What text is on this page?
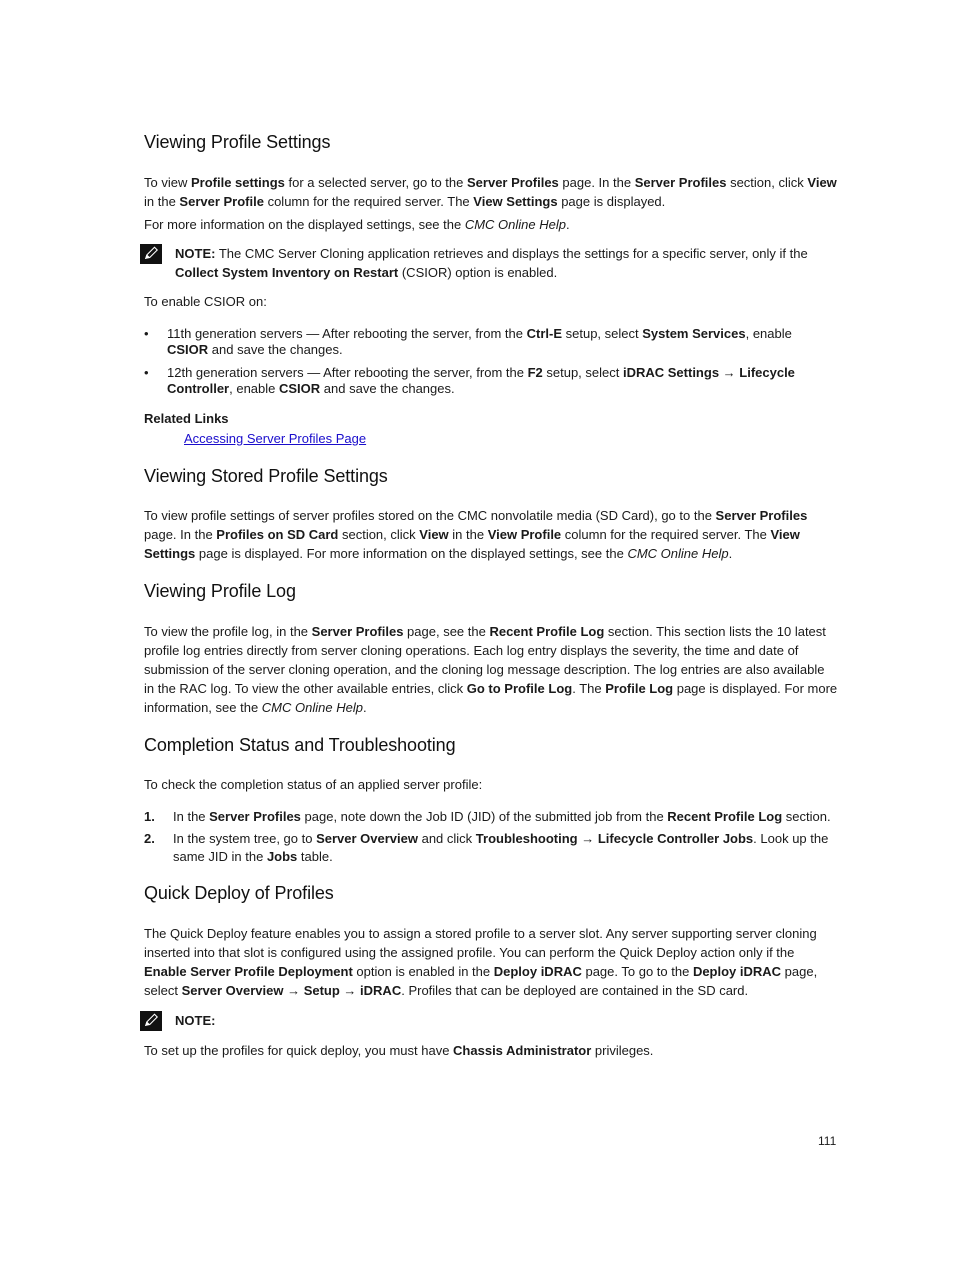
Viewing Profile Settings

To view Profile settings for a selected server, go to the Server Profiles page. In the Server Profiles section, click View in the Server Profile column for the required server. The View Settings page is displayed.

For more information on the displayed settings, see the CMC Online Help.

NOTE: The CMC Server Cloning application retrieves and displays the settings for a specific server, only if the Collect System Inventory on Restart (CSIOR) option is enabled.

To enable CSIOR on:

• 11th generation servers — After rebooting the server, from the Ctrl-E setup, select System Services, enable CSIOR and save the changes.
• 12th generation servers — After rebooting the server, from the F2 setup, select iDRAC Settings → Lifecycle Controller, enable CSIOR and save the changes.
Related Links
Accessing Server Profiles Page
Viewing Stored Profile Settings

To view profile settings of server profiles stored on the CMC nonvolatile media (SD Card), go to the Server Profiles page. In the Profiles on SD Card section, click View in the View Profile column for the required server. The View Settings page is displayed. For more information on the displayed settings, see the CMC Online Help.

Viewing Profile Log

To view the profile log, in the Server Profiles page, see the Recent Profile Log section. This section lists the 10 latest profile log entries directly from server cloning operations. Each log entry displays the severity, the time and date of submission of the server cloning operation, and the cloning log message description. The log entries are also available in the RAC log. To view the other available entries, click Go to Profile Log. The Profile Log page is displayed. For more information, see the CMC Online Help.

Completion Status and Troubleshooting

To check the completion status of an applied server profile:

1. In the Server Profiles page, note down the Job ID (JID) of the submitted job from the Recent Profile Log section.
2. In the system tree, go to Server Overview and click Troubleshooting → Lifecycle Controller Jobs. Look up the same JID in the Jobs table.
Quick Deploy of Profiles

The Quick Deploy feature enables you to assign a stored profile to a server slot. Any server supporting server cloning inserted into that slot is configured using the assigned profile. You can perform the Quick Deploy action only if the Enable Server Profile Deployment option is enabled in the Deploy iDRAC page. To go to the Deploy iDRAC page, select Server Overview → Setup → iDRAC. Profiles that can be deployed are contained in the SD card.

NOTE:

To set up the profiles for quick deploy, you must have Chassis Administrator privileges.

111
